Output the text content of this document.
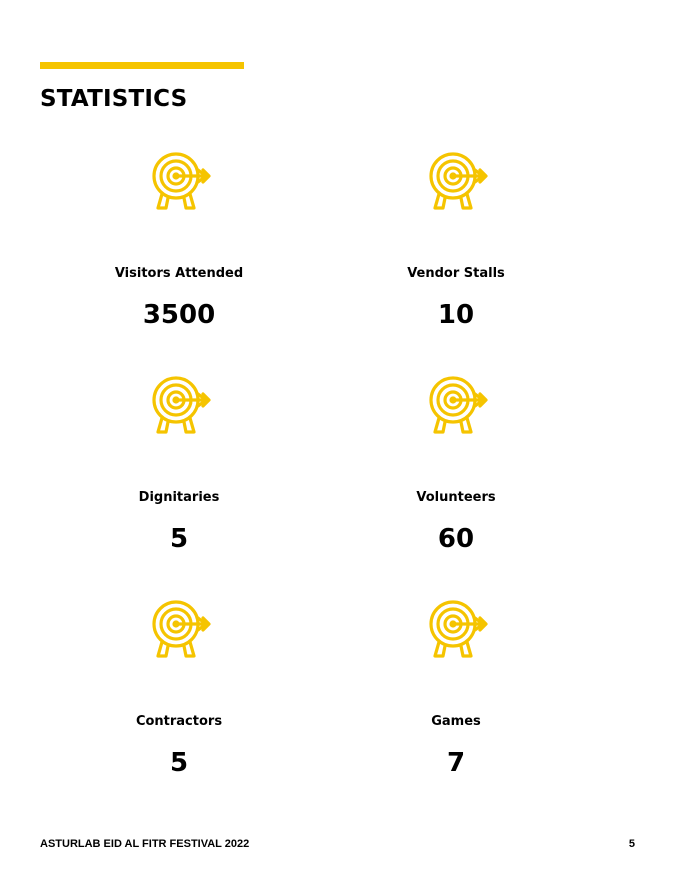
STATISTICS
Visitors Attended
3500
Vendor Stalls
10
Dignitaries
5
Volunteers
60
Contractors
5
Games
7
ASTURLAB EID AL FITR FESTIVAL 2022	5
